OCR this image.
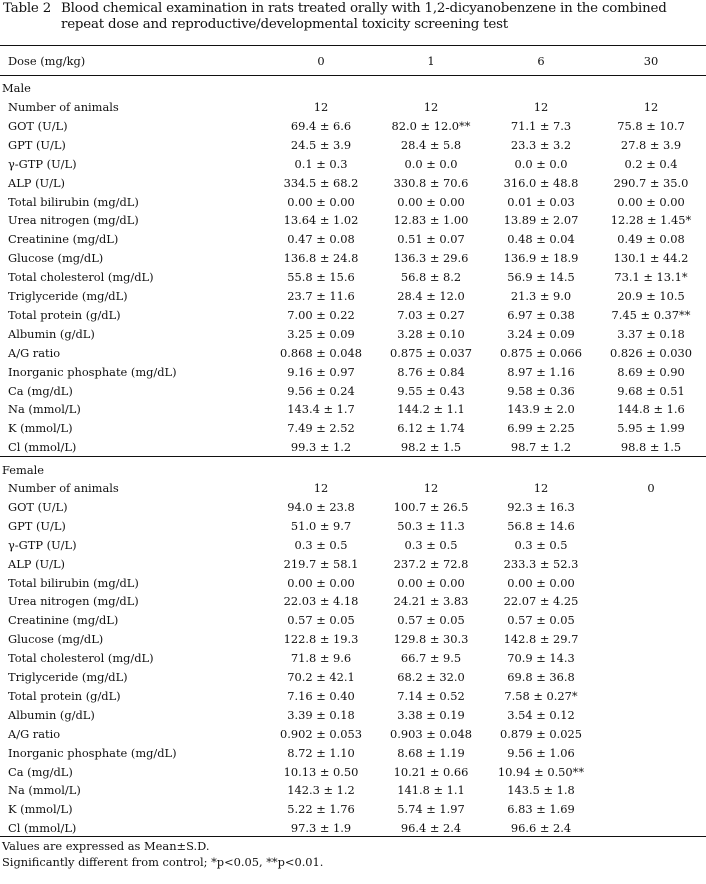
Table 2 Blood chemical examination in rats treated orally with 1,2-dicyanobenzene in the combined repeat dose and reproductive/developmental toxicity screening test
Dose (mg/kg)	0	1	6	30
Male
Number of animals	12	12	12	12
GOT (U/L)	69.4 ± 6.6	82.0 ± 12.0**	71.1 ± 7.3	75.8 ± 10.7
GPT (U/L)	24.5 ± 3.9	28.4 ± 5.8	23.3 ± 3.2	27.8 ± 3.9
γ-GTP (U/L)	0.1 ± 0.3	0.0 ± 0.0	0.0 ± 0.0	0.2 ± 0.4
ALP (U/L)	334.5 ± 68.2	330.8 ± 70.6	316.0 ± 48.8	290.7 ± 35.0
Total bilirubin (mg/dL)	0.00 ± 0.00	0.00 ± 0.00	0.01 ± 0.03	0.00 ± 0.00
Urea nitrogen (mg/dL)	13.64 ± 1.02	12.83 ± 1.00	13.89 ± 2.07	12.28 ± 1.45*
Creatinine (mg/dL)	0.47 ± 0.08	0.51 ± 0.07	0.48 ± 0.04	0.49 ± 0.08
Glucose (mg/dL)	136.8 ± 24.8	136.3 ± 29.6	136.9 ± 18.9	130.1 ± 44.2
Total cholesterol (mg/dL)	55.8 ± 15.6	56.8 ± 8.2	56.9 ± 14.5	73.1 ± 13.1*
Triglyceride (mg/dL)	23.7 ± 11.6	28.4 ± 12.0	21.3 ± 9.0	20.9 ± 10.5
Total protein (g/dL)	7.00 ± 0.22	7.03 ± 0.27	6.97 ± 0.38	7.45 ± 0.37**
Albumin (g/dL)	3.25 ± 0.09	3.28 ± 0.10	3.24 ± 0.09	3.37 ± 0.18
A/G ratio	0.868 ± 0.048	0.875 ± 0.037	0.875 ± 0.066	0.826 ± 0.030
Inorganic phosphate (mg/dL)	9.16 ± 0.97	8.76 ± 0.84	8.97 ± 1.16	8.69 ± 0.90
Ca (mg/dL)	9.56 ± 0.24	9.55 ± 0.43	9.58 ± 0.36	9.68 ± 0.51
Na (mmol/L)	143.4 ± 1.7	144.2 ± 1.1	143.9 ± 2.0	144.8 ± 1.6
K (mmol/L)	7.49 ± 2.52	6.12 ± 1.74	6.99 ± 2.25	5.95 ± 1.99
Cl (mmol/L)	99.3 ± 1.2	98.2 ± 1.5	98.7 ± 1.2	98.8 ± 1.5
Female
Number of animals	12	12	12	0
GOT (U/L)	94.0 ± 23.8	100.7 ± 26.5	92.3 ± 16.3
GPT (U/L)	51.0 ± 9.7	50.3 ± 11.3	56.8 ± 14.6
γ-GTP (U/L)	0.3 ± 0.5	0.3 ± 0.5	0.3 ± 0.5
ALP (U/L)	219.7 ± 58.1	237.2 ± 72.8	233.3 ± 52.3
Total bilirubin (mg/dL)	0.00 ± 0.00	0.00 ± 0.00	0.00 ± 0.00
Urea nitrogen (mg/dL)	22.03 ± 4.18	24.21 ± 3.83	22.07 ± 4.25
Creatinine (mg/dL)	0.57 ± 0.05	0.57 ± 0.05	0.57 ± 0.05
Glucose (mg/dL)	122.8 ± 19.3	129.8 ± 30.3	142.8 ± 29.7
Total cholesterol (mg/dL)	71.8 ± 9.6	66.7 ± 9.5	70.9 ± 14.3
Triglyceride (mg/dL)	70.2 ± 42.1	68.2 ± 32.0	69.8 ± 36.8
Total protein (g/dL)	7.16 ± 0.40	7.14 ± 0.52	7.58 ± 0.27*
Albumin (g/dL)	3.39 ± 0.18	3.38 ± 0.19	3.54 ± 0.12
A/G ratio	0.902 ± 0.053	0.903 ± 0.048	0.879 ± 0.025
Inorganic phosphate (mg/dL)	8.72 ± 1.10	8.68 ± 1.19	9.56 ± 1.06
Ca (mg/dL)	10.13 ± 0.50	10.21 ± 0.66	10.94 ± 0.50**
Na (mmol/L)	142.3 ± 1.2	141.8 ± 1.1	143.5 ± 1.8
K (mmol/L)	5.22 ± 1.76	5.74 ± 1.97	6.83 ± 1.69
Cl (mmol/L)	97.3 ± 1.9	96.4 ± 2.4	96.6 ± 2.4
Values are expressed as Mean±S.D.
Significantly different from control; *p<0.05, **p<0.01.
